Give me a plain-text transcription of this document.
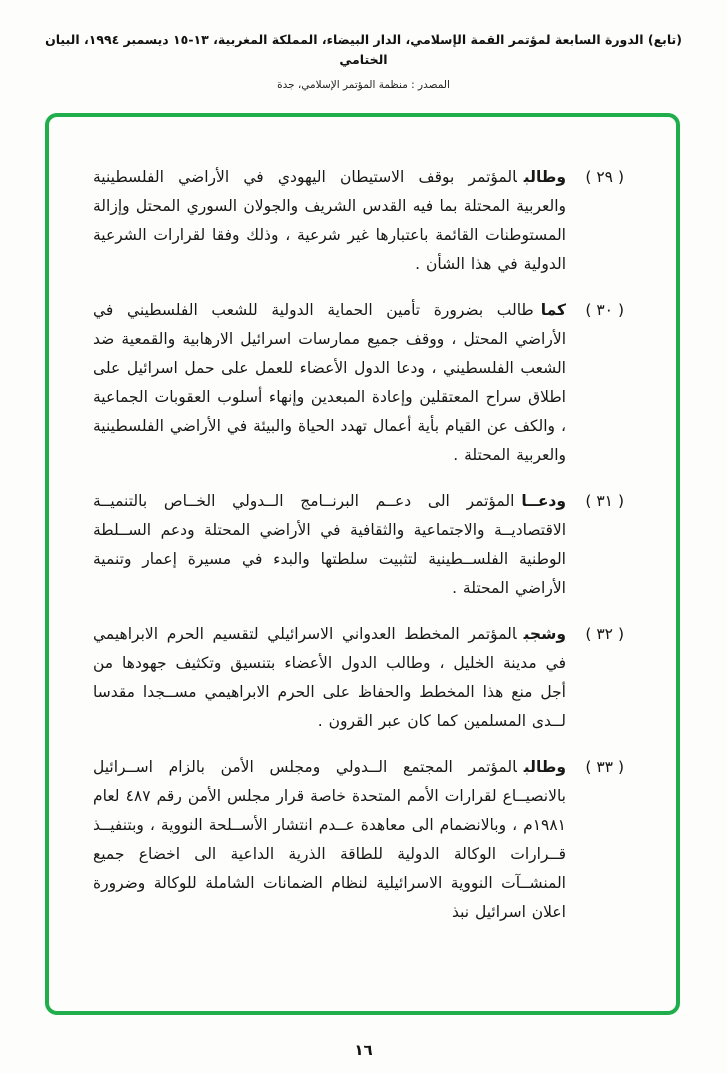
(تابع) الدورة السابعة لمؤتمر القمة الإسلامي، الدار البيضاء، المملكة المغربية، ١٣-١٥ ديسمبر ١٩٩٤، البيان الختامي
المصدر : منظمة المؤتمر الإسلامي، جدة
( ٢٩ )
وطالبالمؤتمر بوقف الاستيطان اليهودي في الأراضي الفلسطينية والعربية المحتلة بما فيه القدس الشريف والجولان السوري المحتل وإزالة المستوطنات القائمة باعتبارها غير شرعية ، وذلك وفقا لقرارات الشرعية الدولية في هذا الشأن .
( ٣٠ )
كماطالب بضرورة تأمين الحماية الدولية للشعب الفلسطيني في الأراضي المحتل ، ووقف جميع ممارسات اسرائيل الارهابية والقمعية ضد الشعب الفلسطيني ، ودعا الدول الأعضاء للعمل على حمل اسرائيل على اطلاق سراح المعتقلين وإعادة المبعدين وإنهاء أسلوب العقوبات الجماعية ، والكف عن القيام بأية أعمال تهدد الحياة والبيئة في الأراضي الفلسطينية والعربية المحتلة .
( ٣١ )
ودعــاالمؤتمر الى دعــم البرنــامج الــدولي الخــاص بالتنميــة الاقتصاديــة والاجتماعية والثقافية في الأراضي المحتلة ودعم الســلطة الوطنية الفلســطينية لتثبيت سلطتها والبدء في مسيرة إعمار وتنمية الأراضي المحتلة .
( ٣٢ )
وشجبالمؤتمر المخطط العدواني الاسرائيلي لتقسيم الحرم الابراهيمي في مدينة الخليل ، وطالب الدول الأعضاء بتنسيق وتكثيف جهودها من أجل منع هذا المخطط والحفاظ على الحرم الابراهيمي مســجدا مقدسا لــدى المسلمين كما كان عبر القرون .
( ٣٣ )
وطالبالمؤتمر المجتمع الــدولي ومجلس الأمن بالزام اســرائيل بالانصيــاع لقرارات الأمم المتحدة خاصة قرار مجلس الأمن رقم ٤٨٧ لعام ١٩٨١م ، وبالانضمام الى معاهدة عــدم انتشار الأســلحة النووية ، وبتنفيــذ قــرارات الوكالة الدولية للطاقة الذرية الداعية الى اخضاع جميع المنشــآت النووية الاسرائيلية لنظام الضمانات الشاملة للوكالة وضرورة اعلان اسرائيل نبذ
١٦
